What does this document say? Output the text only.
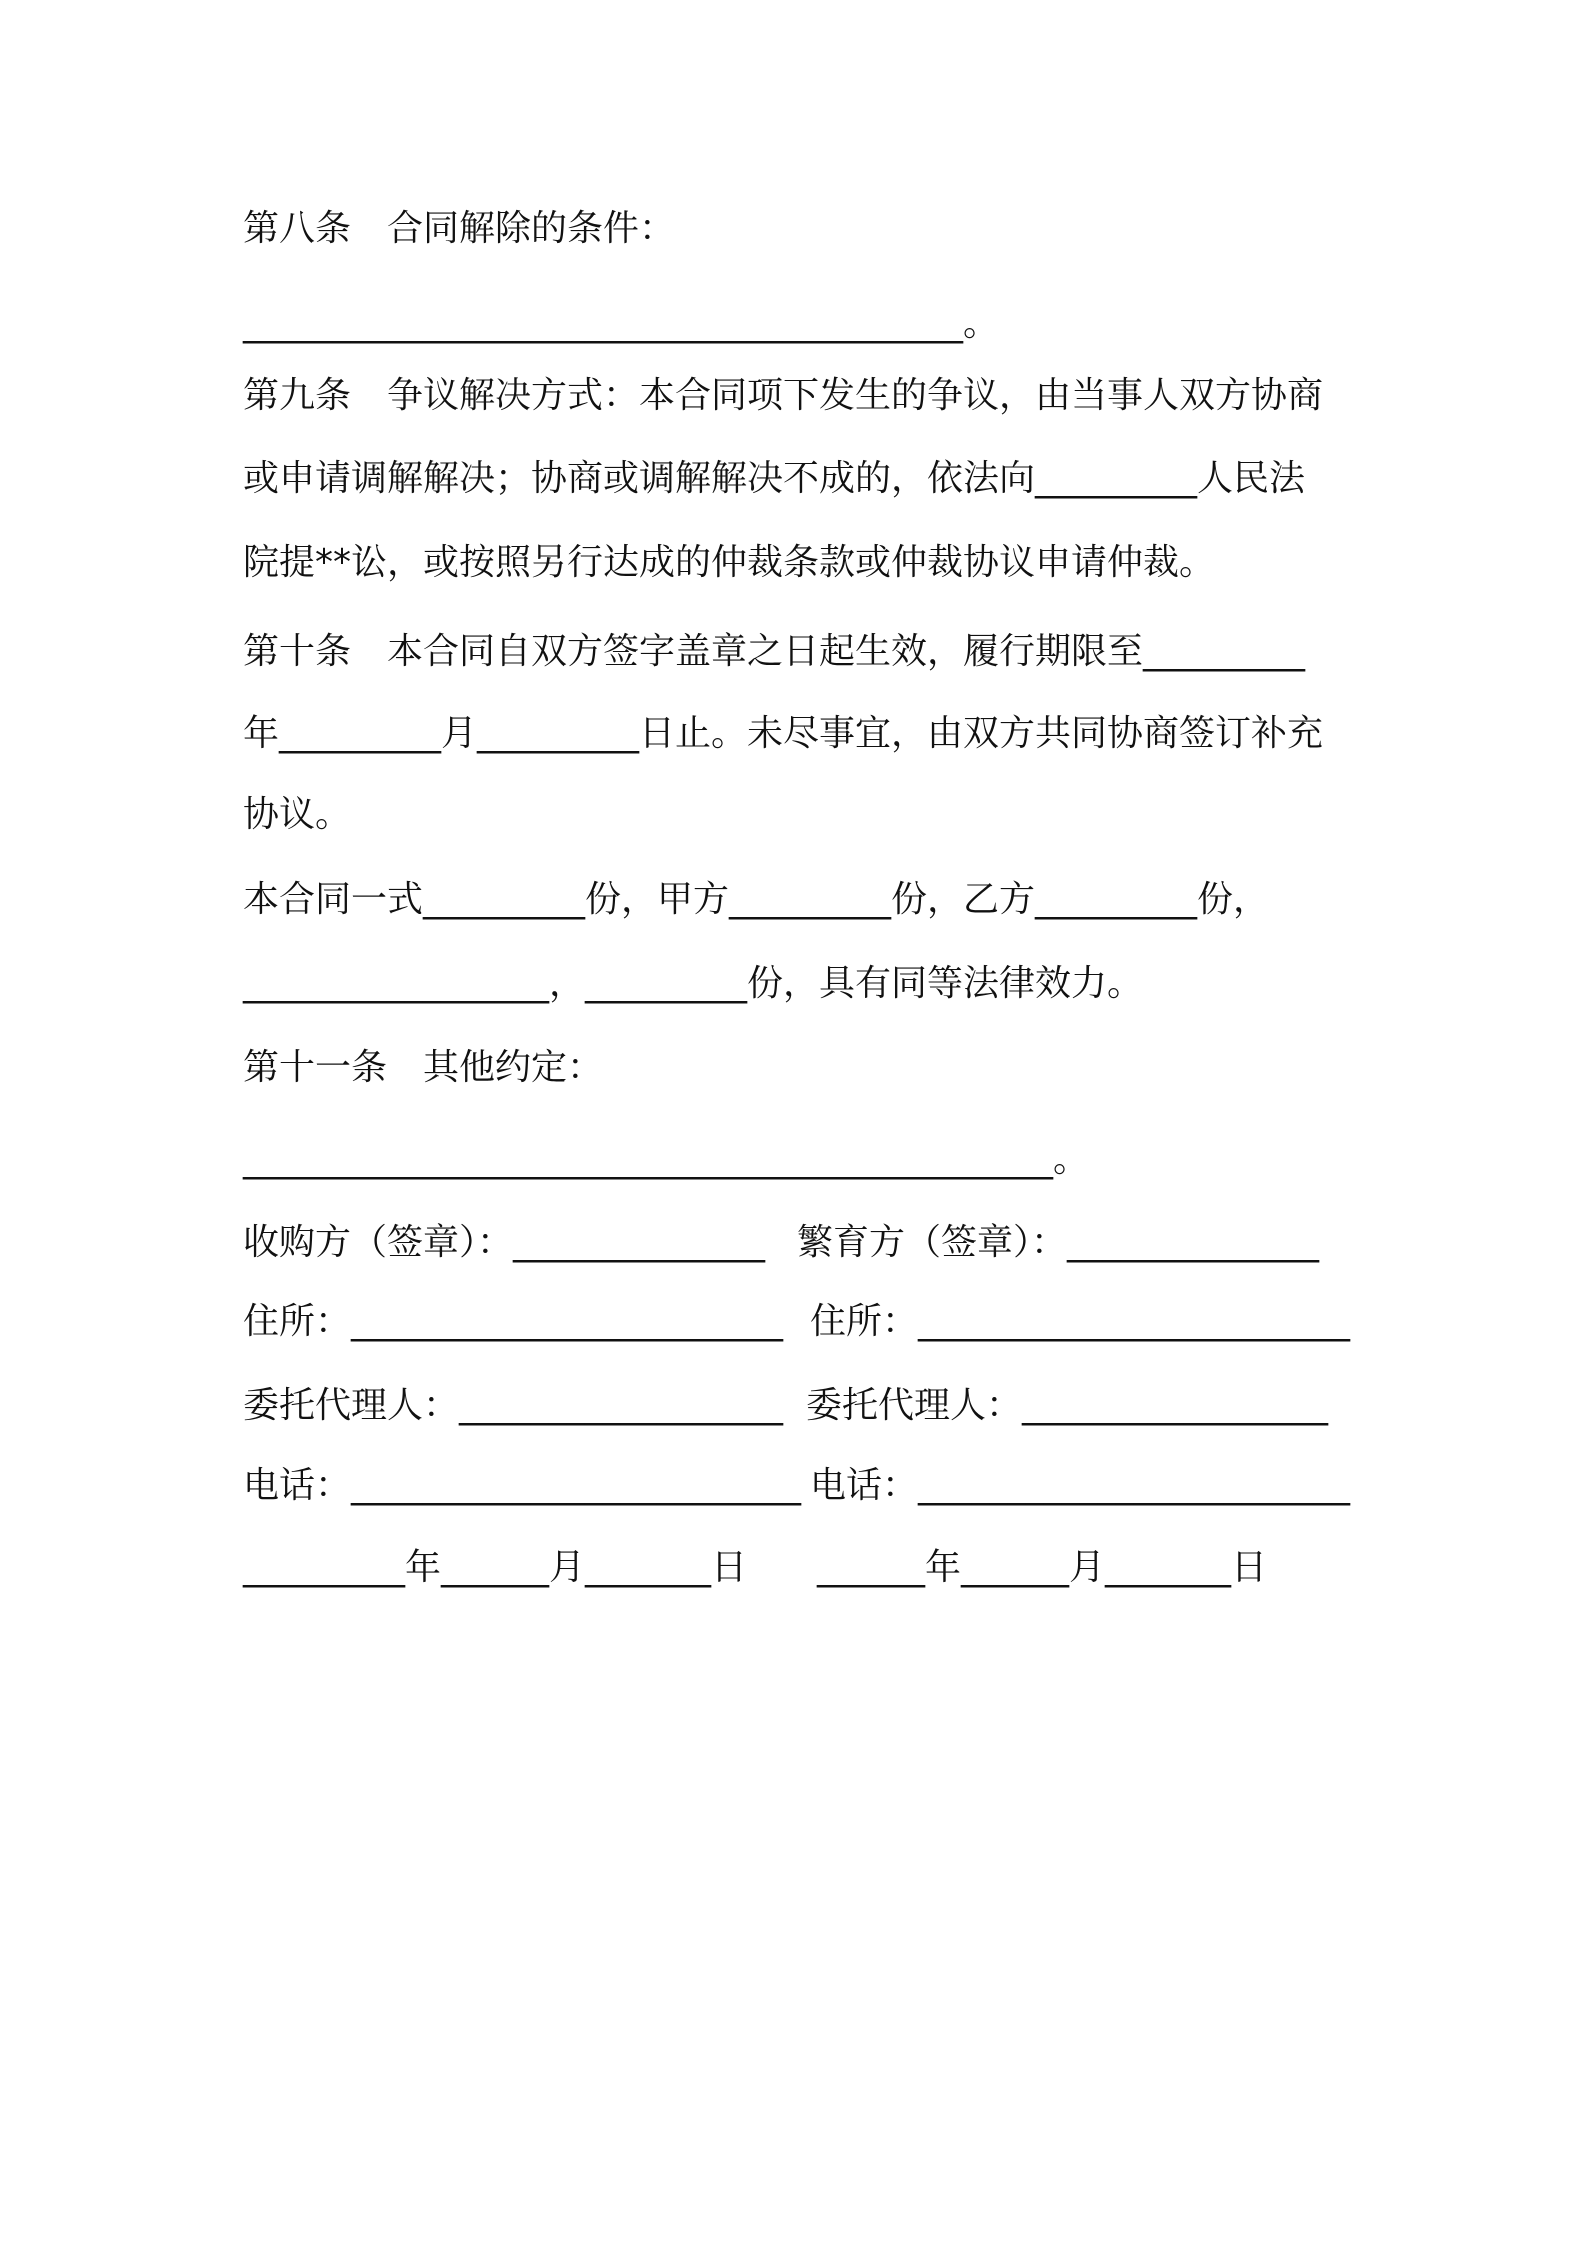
第八条　合同解除的条件：
________________________________________。
第九条　争议解决方式：本合同项下发生的争议，由当事人双方协商
或申请调解解决；协商或调解解决不成的，依法向_________人民法
院提**讼，或按照另行达成的仲裁条款或仲裁协议申请仲裁。
第十条　本合同自双方签字盖章之日起生效，履行期限至_________
年_________月_________日止。未尽事宜，由双方共同协商签订补充
协议。
本合同一式_________份，甲方_________份，乙方_________份，
_________________，_________份，具有同等法律效力。
第十一条　其他约定：
_____________________________________________。
收购方（签章）：______________ 繁育方（签章）：______________
住所：________________________ 住所：________________________
委托代理人：__________________ 委托代理人：_________________
电话：_________________________ 电话：________________________
_________年______月_______日 ______年______月_______日
